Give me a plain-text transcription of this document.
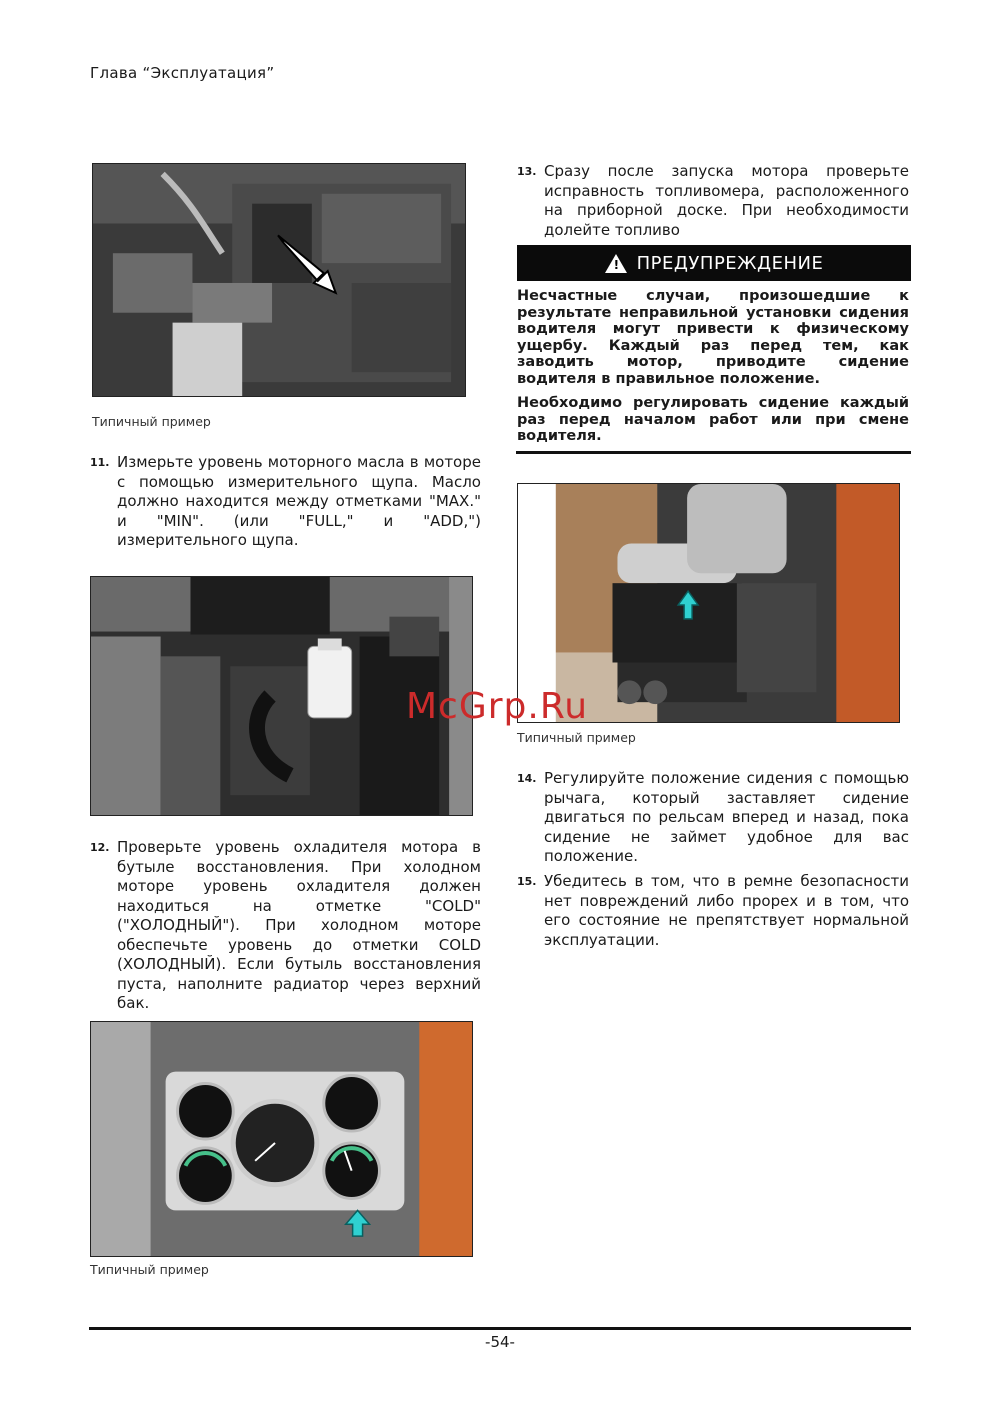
Глава “Эксплуатация”
Типичный пример
11. Измерьте уровень моторного масла в моторе с помощью измерительного щупа. Масло должно находится между отметками "MAX." и "MIN". (или "FULL," и "ADD,") измерительного щупа.
12. Проверьте уровень охладителя мотора в бутыле восстановления. При холодном моторе уровень охладителя должен находиться на отметке "COLD" ("ХОЛОДНЫЙ"). При холодном моторе обеспечьте уровень до отметки COLD (ХОЛОДНЫЙ). Если бутыль восстановления пуста, наполните радиатор через верхний бак.
Типичный пример
13. Сразу после запуска мотора проверьте исправность топливомера, расположенного на приборной доске. При необходимости долейте топливо
! ПРЕДУПРЕЖДЕНИЕ
Несчастные случаи, произошедшие к результате неправильной установки сидения водителя могут привести к физическому ущербу. Каждый раз перед тем, как заводить мотор, приводите сидение водителя в правильное положение.
Необходимо регулировать сидение каждый раз перед началом работ или при смене водителя.
Типичный пример
McGrp.Ru
14. Регулируйте положение сидения с помощью рычага, который заставляет сидение двигаться по рельсам вперед и назад, пока сидение не займет удобное для вас положение.
15. Убедитесь в том, что в ремне безопасности нет повреждений либо прорех и в том, что его состояние не препятствует нормальной эксплуатации.
-54-
